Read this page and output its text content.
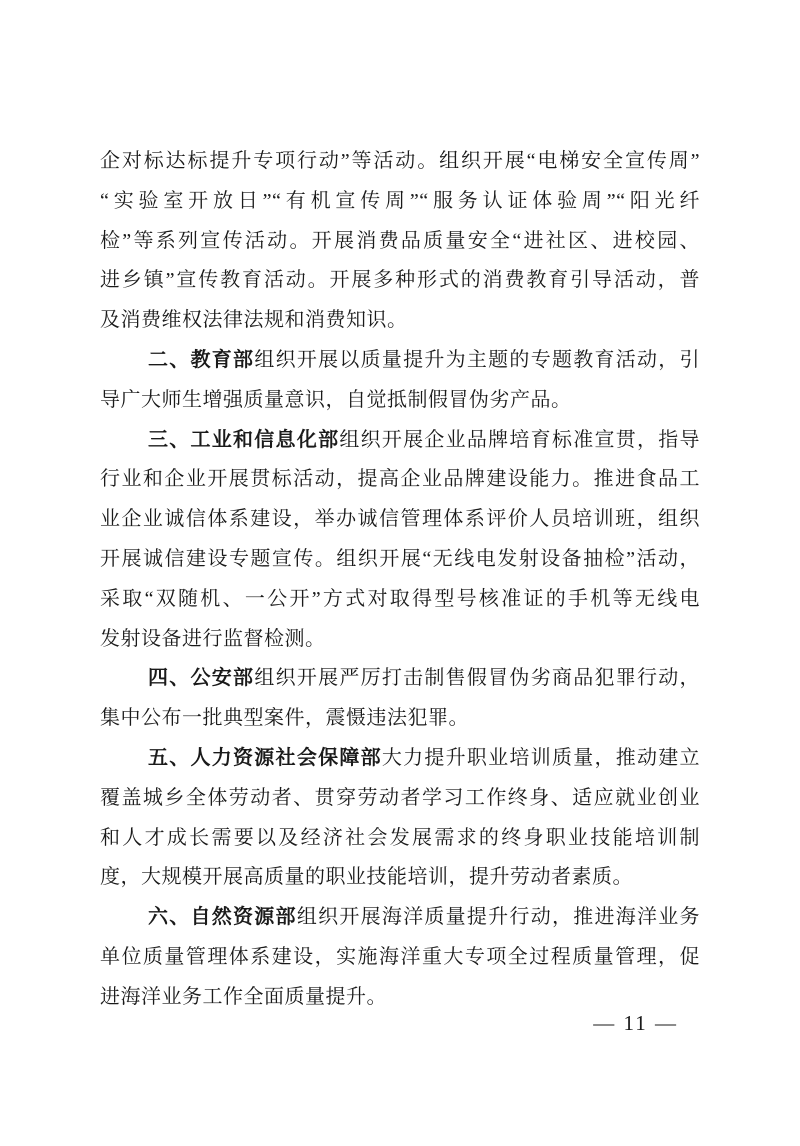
企对标达标提升专项行动”等活动。组织开展“电梯安全宣传周”
“实验室开放日”“有机宣传周”“服务认证体验周”“阳光纤
检”等系列宣传活动。开展消费品质量安全“进社区、进校园、
进乡镇”宣传教育活动。开展多种形式的消费教育引导活动，普
及消费维权法律法规和消费知识。
二、教育部组织开展以质量提升为主题的专题教育活动，引
导广大师生增强质量意识，自觉抵制假冒伪劣产品。
三、工业和信息化部组织开展企业品牌培育标准宣贯，指导
行业和企业开展贯标活动，提高企业品牌建设能力。推进食品工
业企业诚信体系建设，举办诚信管理体系评价人员培训班，组织
开展诚信建设专题宣传。组织开展“无线电发射设备抽检”活动，
采取“双随机、一公开”方式对取得型号核准证的手机等无线电
发射设备进行监督检测。
四、公安部组织开展严厉打击制售假冒伪劣商品犯罪行动，
集中公布一批典型案件，震慑违法犯罪。
五、人力资源社会保障部大力提升职业培训质量，推动建立
覆盖城乡全体劳动者、贯穿劳动者学习工作终身、适应就业创业
和人才成长需要以及经济社会发展需求的终身职业技能培训制
度，大规模开展高质量的职业技能培训，提升劳动者素质。
六、自然资源部组织开展海洋质量提升行动，推进海洋业务
单位质量管理体系建设，实施海洋重大专项全过程质量管理，促
进海洋业务工作全面质量提升。
— 11 —
